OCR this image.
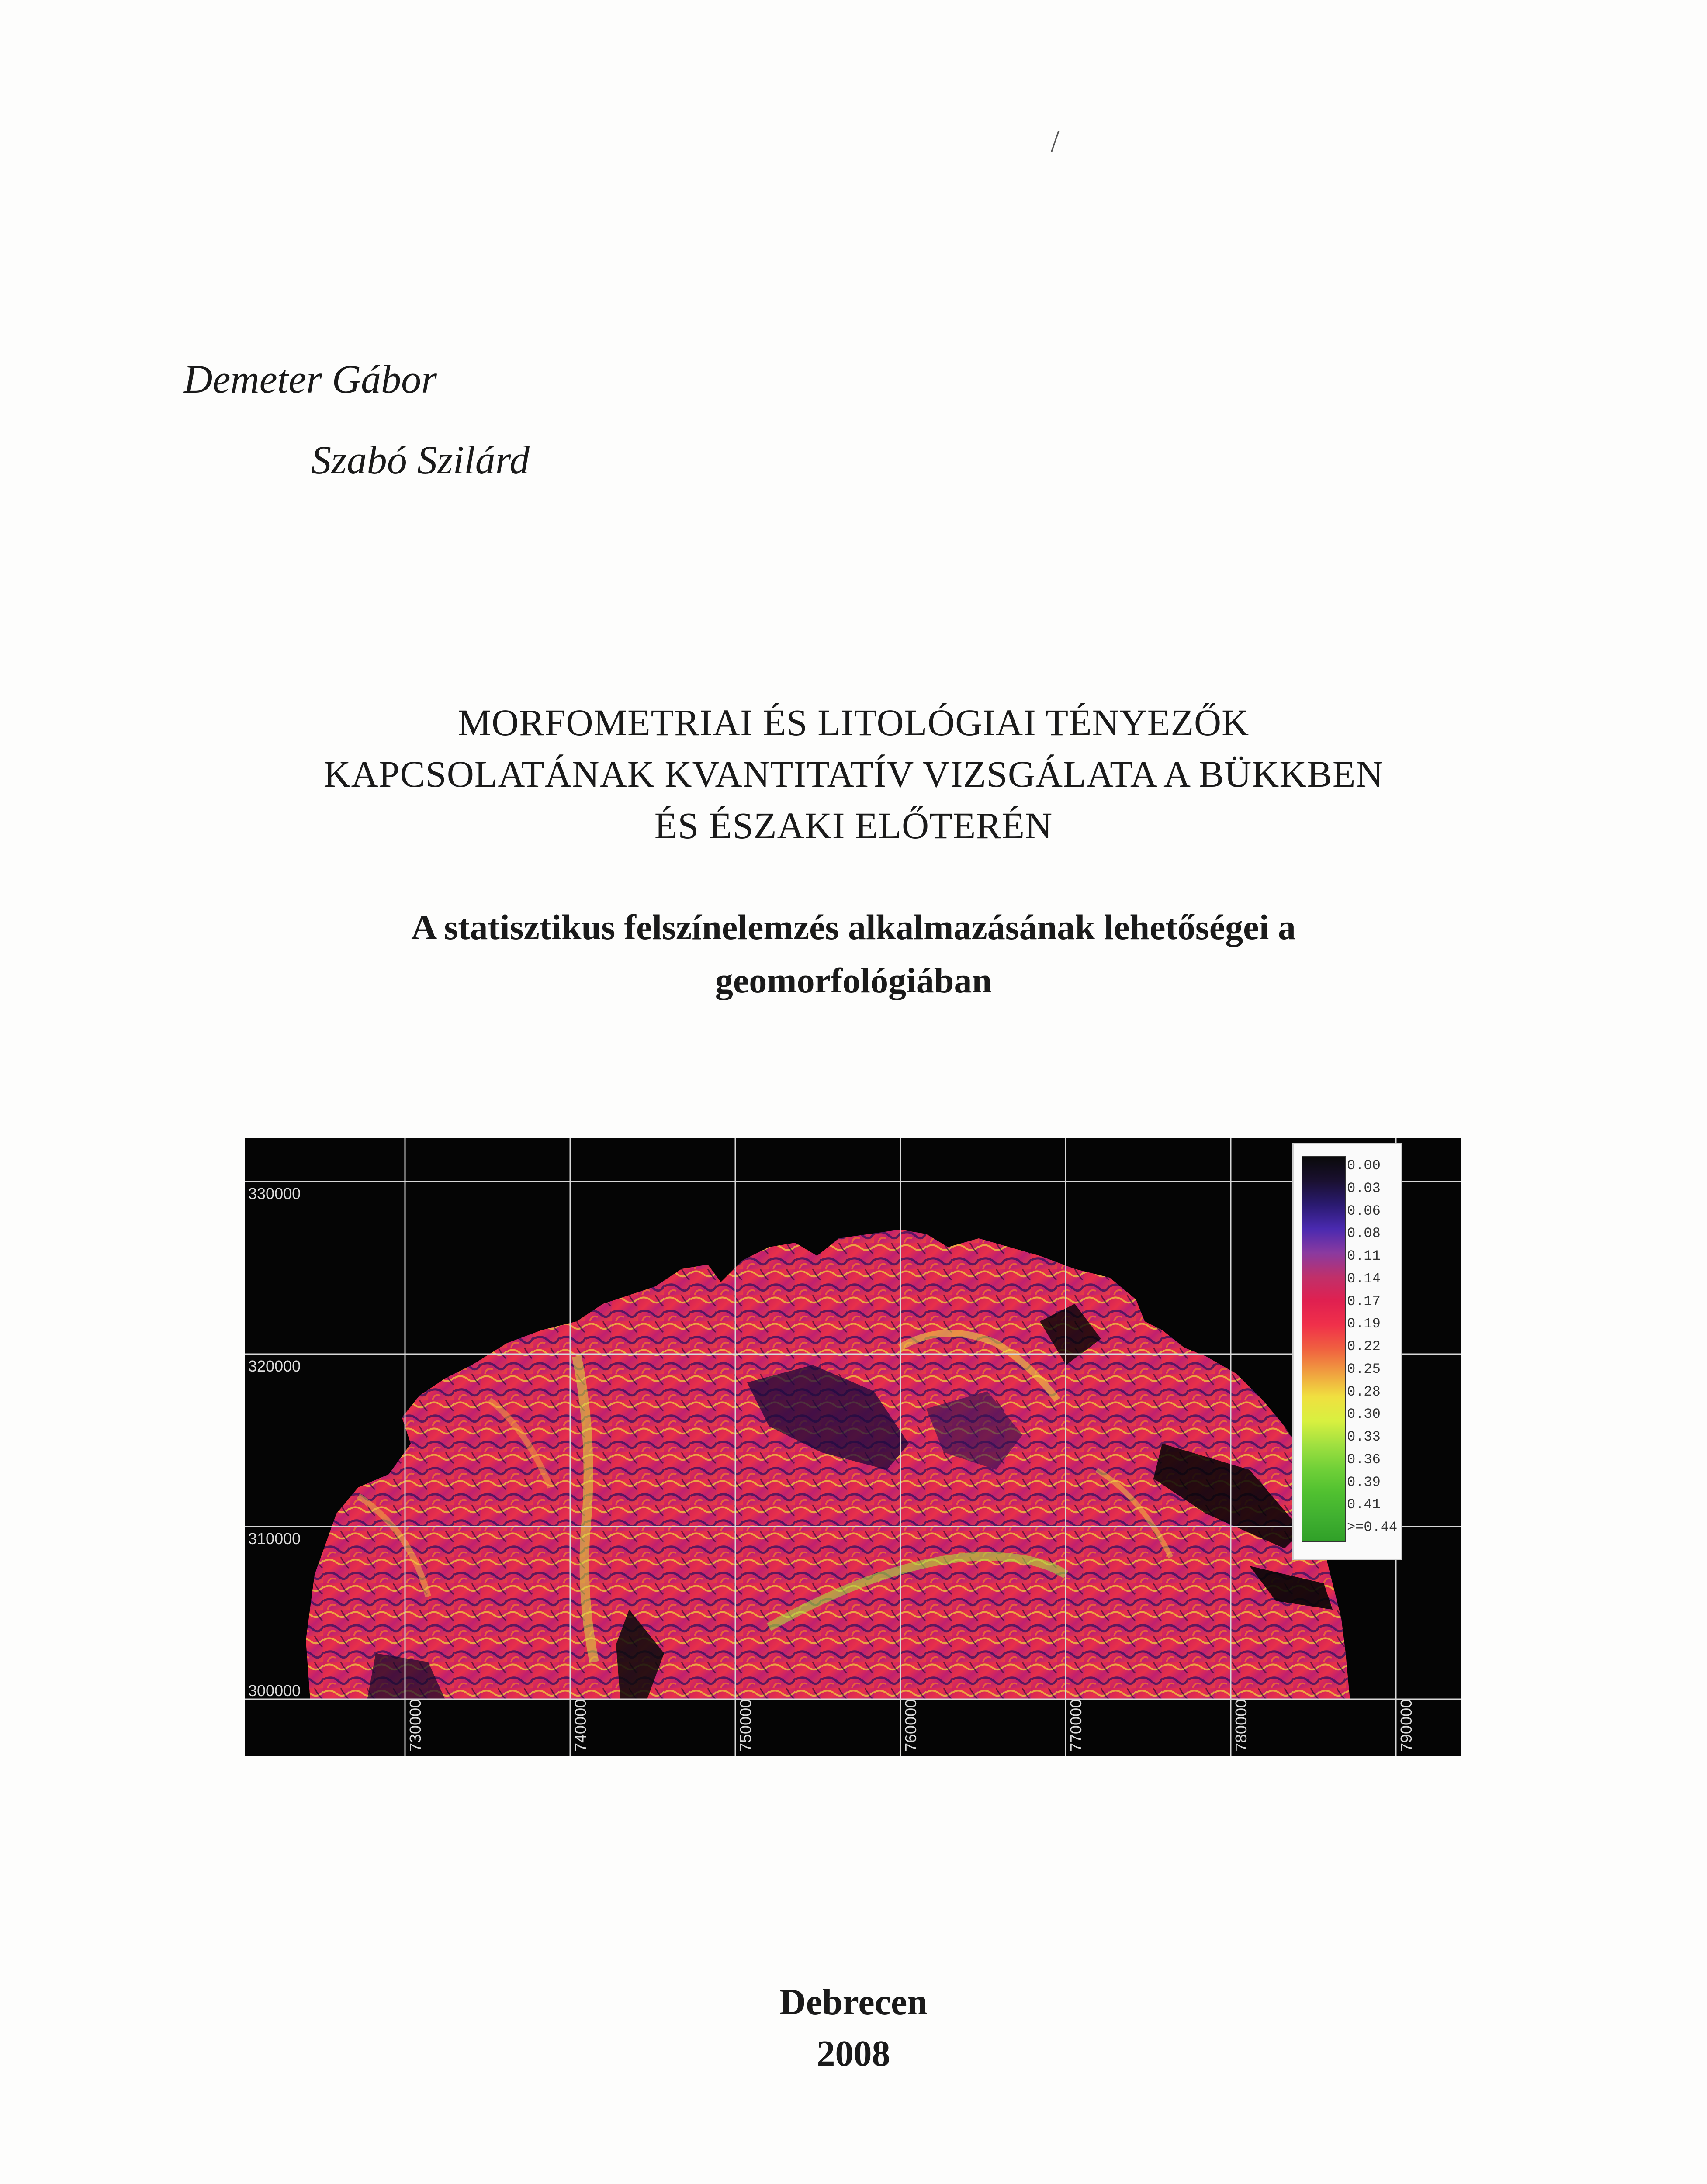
/
Demeter Gábor
Szabó Szilárd
MORFOMETRIAI ÉS LITOLÓGIAI TÉNYEZŐK
KAPCSOLATÁNAK KVANTITATÍV VIZSGÁLATA A BÜKKBEN
ÉS ÉSZAKI ELŐTERÉN
A statisztikus felszínelemzés alkalmazásának lehetőségei a
geomorfológiában
330000
320000
310000
300000
730000	740000	750000	760000	770000	780000	790000
0.00
0.03
0.06
0.08
0.11
0.14
0.17
0.19
0.22
0.25
0.28
0.30
0.33
0.36
0.39
0.41
>=0.44
Debrecen
2008
